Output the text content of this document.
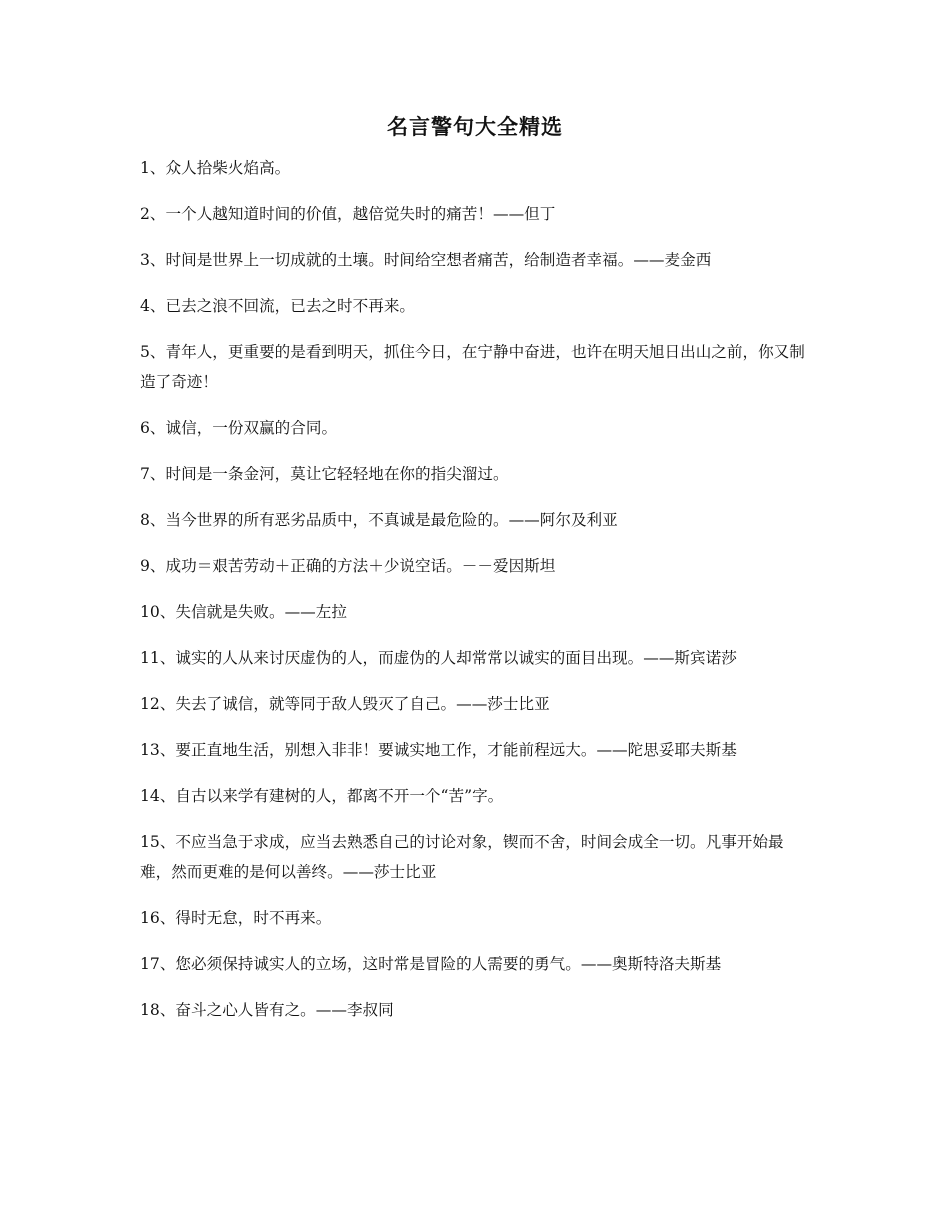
名言警句大全精选
1、众人拾柴火焰高。
2、一个人越知道时间的价值，越倍觉失时的痛苦！——但丁
3、时间是世界上一切成就的土壤。时间给空想者痛苦，给制造者幸福。——麦金西
4、已去之浪不回流，已去之时不再来。
5、青年人，更重要的是看到明天，抓住今日，在宁静中奋进，也许在明天旭日出山之前，你又制造了奇迹！
6、诚信，一份双赢的合同。
7、时间是一条金河，莫让它轻轻地在你的指尖溜过。
8、当今世界的所有恶劣品质中，不真诚是最危险的。——阿尔及利亚
9、成功＝艰苦劳动＋正确的方法＋少说空话。－－爱因斯坦
10、失信就是失败。——左拉
11、诚实的人从来讨厌虚伪的人，而虚伪的人却常常以诚实的面目出现。——斯宾诺莎
12、失去了诚信，就等同于敌人毁灭了自己。——莎士比亚
13、要正直地生活，别想入非非！要诚实地工作，才能前程远大。——陀思妥耶夫斯基
14、自古以来学有建树的人，都离不开一个“苦”字。
15、不应当急于求成，应当去熟悉自己的讨论对象，锲而不舍，时间会成全一切。凡事开始最难，然而更难的是何以善终。——莎士比亚
16、得时无怠，时不再来。
17、您必须保持诚实人的立场，这时常是冒险的人需要的勇气。——奥斯特洛夫斯基
18、奋斗之心人皆有之。——李叔同
